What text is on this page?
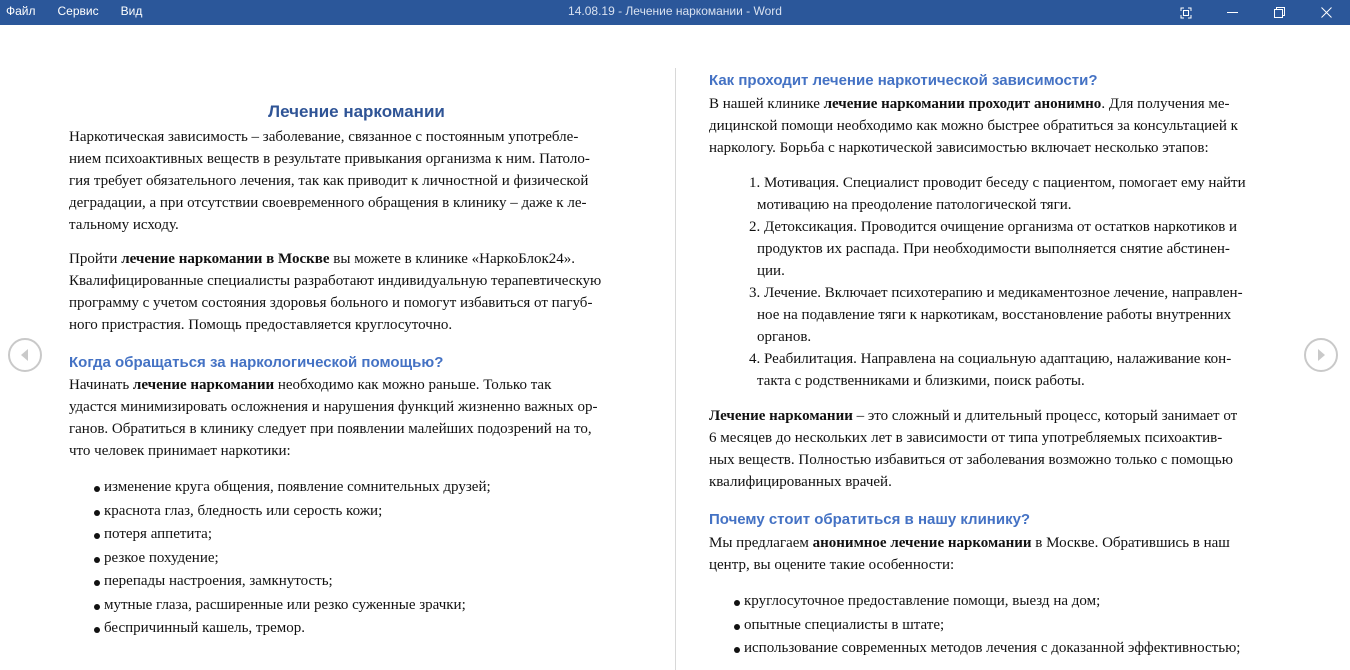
Файл	Сервис	Вид	14.08.19 - Лечение наркомании - Word
Лечение наркомании

Наркотическая зависимость – заболевание, связанное с постоянным употребле-
нием психоактивных веществ в результате привыкания организма к ним. Патоло-
гия требует обязательного лечения, так как приводит к личностной и физической
деградации, а при отсутствии своевременного обращения в клинику – даже к ле-
тальному исходу.

Пройти лечение наркомании в Москве вы можете в клинике «НаркоБлок24».
Квалифицированные специалисты разработают индивидуальную терапевтическую
программу с учетом состояния здоровья больного и помогут избавиться от пагуб-
ного пристрастия. Помощь предоставляется круглосуточно.

Когда обращаться за наркологической помощью?

Начинать лечение наркомании необходимо как можно раньше. Только так
удастся минимизировать осложнения и нарушения функций жизненно важных ор-
ганов. Обратиться в клинику следует при появлении малейших подозрений на то,
что человек принимает наркотики:

изменение круга общения, появление сомнительных друзей;
краснота глаз, бледность или серость кожи;
потеря аппетита;
резкое похудение;
перепады настроения, замкнутость;
мутные глаза, расширенные или резко суженные зрачки;
беспричинный кашель, тремор.
Как проходит лечение наркотической зависимости?

В нашей клинике лечение наркомании проходит анонимно. Для получения ме-
дицинской помощи необходимо как можно быстрее обратиться за консультацией к
наркологу. Борьба с наркотической зависимостью включает несколько этапов:

1. Мотивация. Специалист проводит беседу с пациентом, помогает ему найти
мотивацию на преодоление патологической тяги.
2. Детоксикация. Проводится очищение организма от остатков наркотиков и
продуктов их распада. При необходимости выполняется снятие абстинен-
ции.
3. Лечение. Включает психотерапию и медикаментозное лечение, направлен-
ное на подавление тяги к наркотикам, восстановление работы внутренних
органов.
4. Реабилитация. Направлена на социальную адаптацию, налаживание кон-
такта с родственниками и близкими, поиск работы.

Лечение наркомании – это сложный и длительный процесс, который занимает от
6 месяцев до нескольких лет в зависимости от типа употребляемых психоактив-
ных веществ. Полностью избавиться от заболевания возможно только с помощью
квалифицированных врачей.

Почему стоит обратиться в нашу клинику?

Мы предлагаем анонимное лечение наркомании в Москве. Обратившись в наш
центр, вы оцените такие особенности:

круглосуточное предоставление помощи, выезд на дом;
опытные специалисты в штате;
использование современных методов лечения с доказанной эффективностью;
